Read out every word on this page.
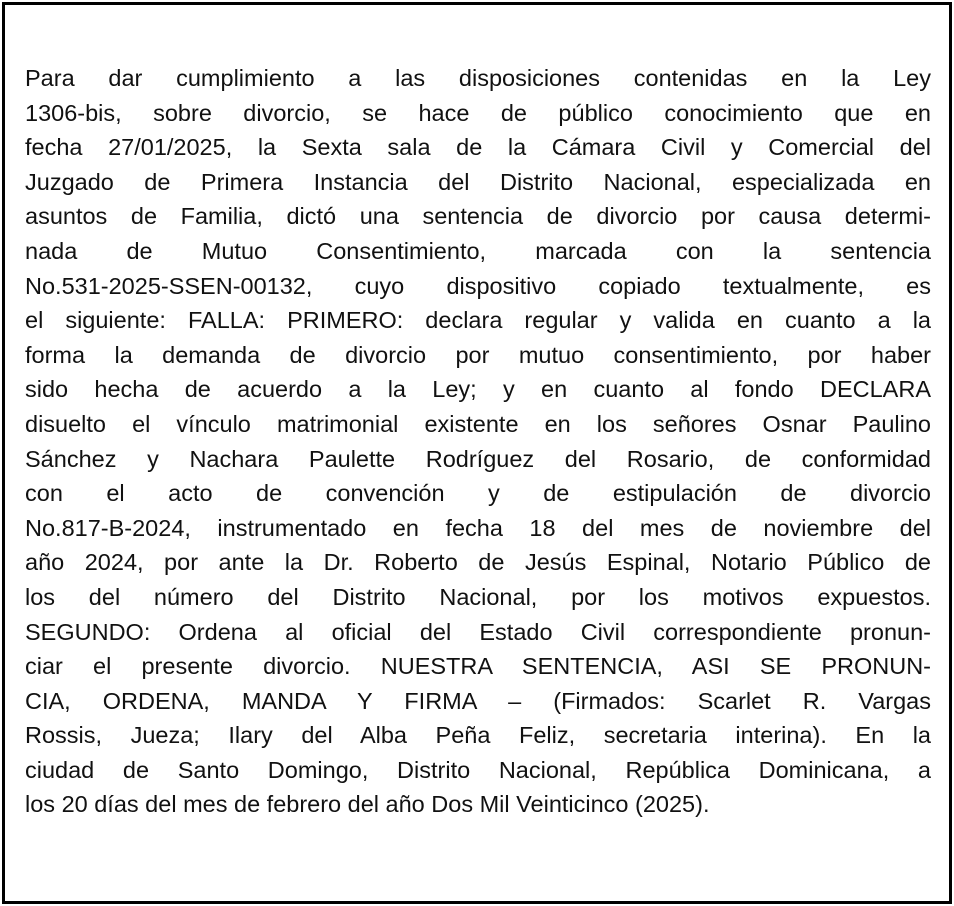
Para dar cumplimiento a las disposiciones contenidas en la Ley
1306-bis, sobre divorcio, se hace de público conocimiento que en
fecha 27/01/2025, la Sexta sala de la Cámara Civil y Comercial del
Juzgado de Primera Instancia del Distrito Nacional, especializada en
asuntos de Familia, dictó una sentencia de divorcio por causa determi-
nada de Mutuo Consentimiento, marcada con la sentencia
No.531-2025-SSEN-00132, cuyo dispositivo copiado textualmente, es
el siguiente: FALLA: PRIMERO: declara regular y valida en cuanto a la
forma la demanda de divorcio por mutuo consentimiento, por haber
sido hecha de acuerdo a la Ley; y en cuanto al fondo DECLARA
disuelto el vínculo matrimonial existente en los señores Osnar Paulino
Sánchez y Nachara Paulette Rodríguez del Rosario, de conformidad
con el acto de convención y de estipulación de divorcio
No.817-B-2024, instrumentado en fecha 18 del mes de noviembre del
año 2024, por ante la Dr. Roberto de Jesús Espinal, Notario Público de
los del número del Distrito Nacional, por los motivos expuestos.
SEGUNDO: Ordena al oficial del Estado Civil correspondiente pronun-
ciar el presente divorcio. NUESTRA SENTENCIA, ASI SE PRONUN-
CIA, ORDENA, MANDA Y FIRMA – (Firmados: Scarlet R. Vargas
Rossis, Jueza; Ilary del Alba Peña Feliz, secretaria interina). En la
ciudad de Santo Domingo, Distrito Nacional, República Dominicana, a
los 20 días del mes de febrero del año Dos Mil Veinticinco (2025).
